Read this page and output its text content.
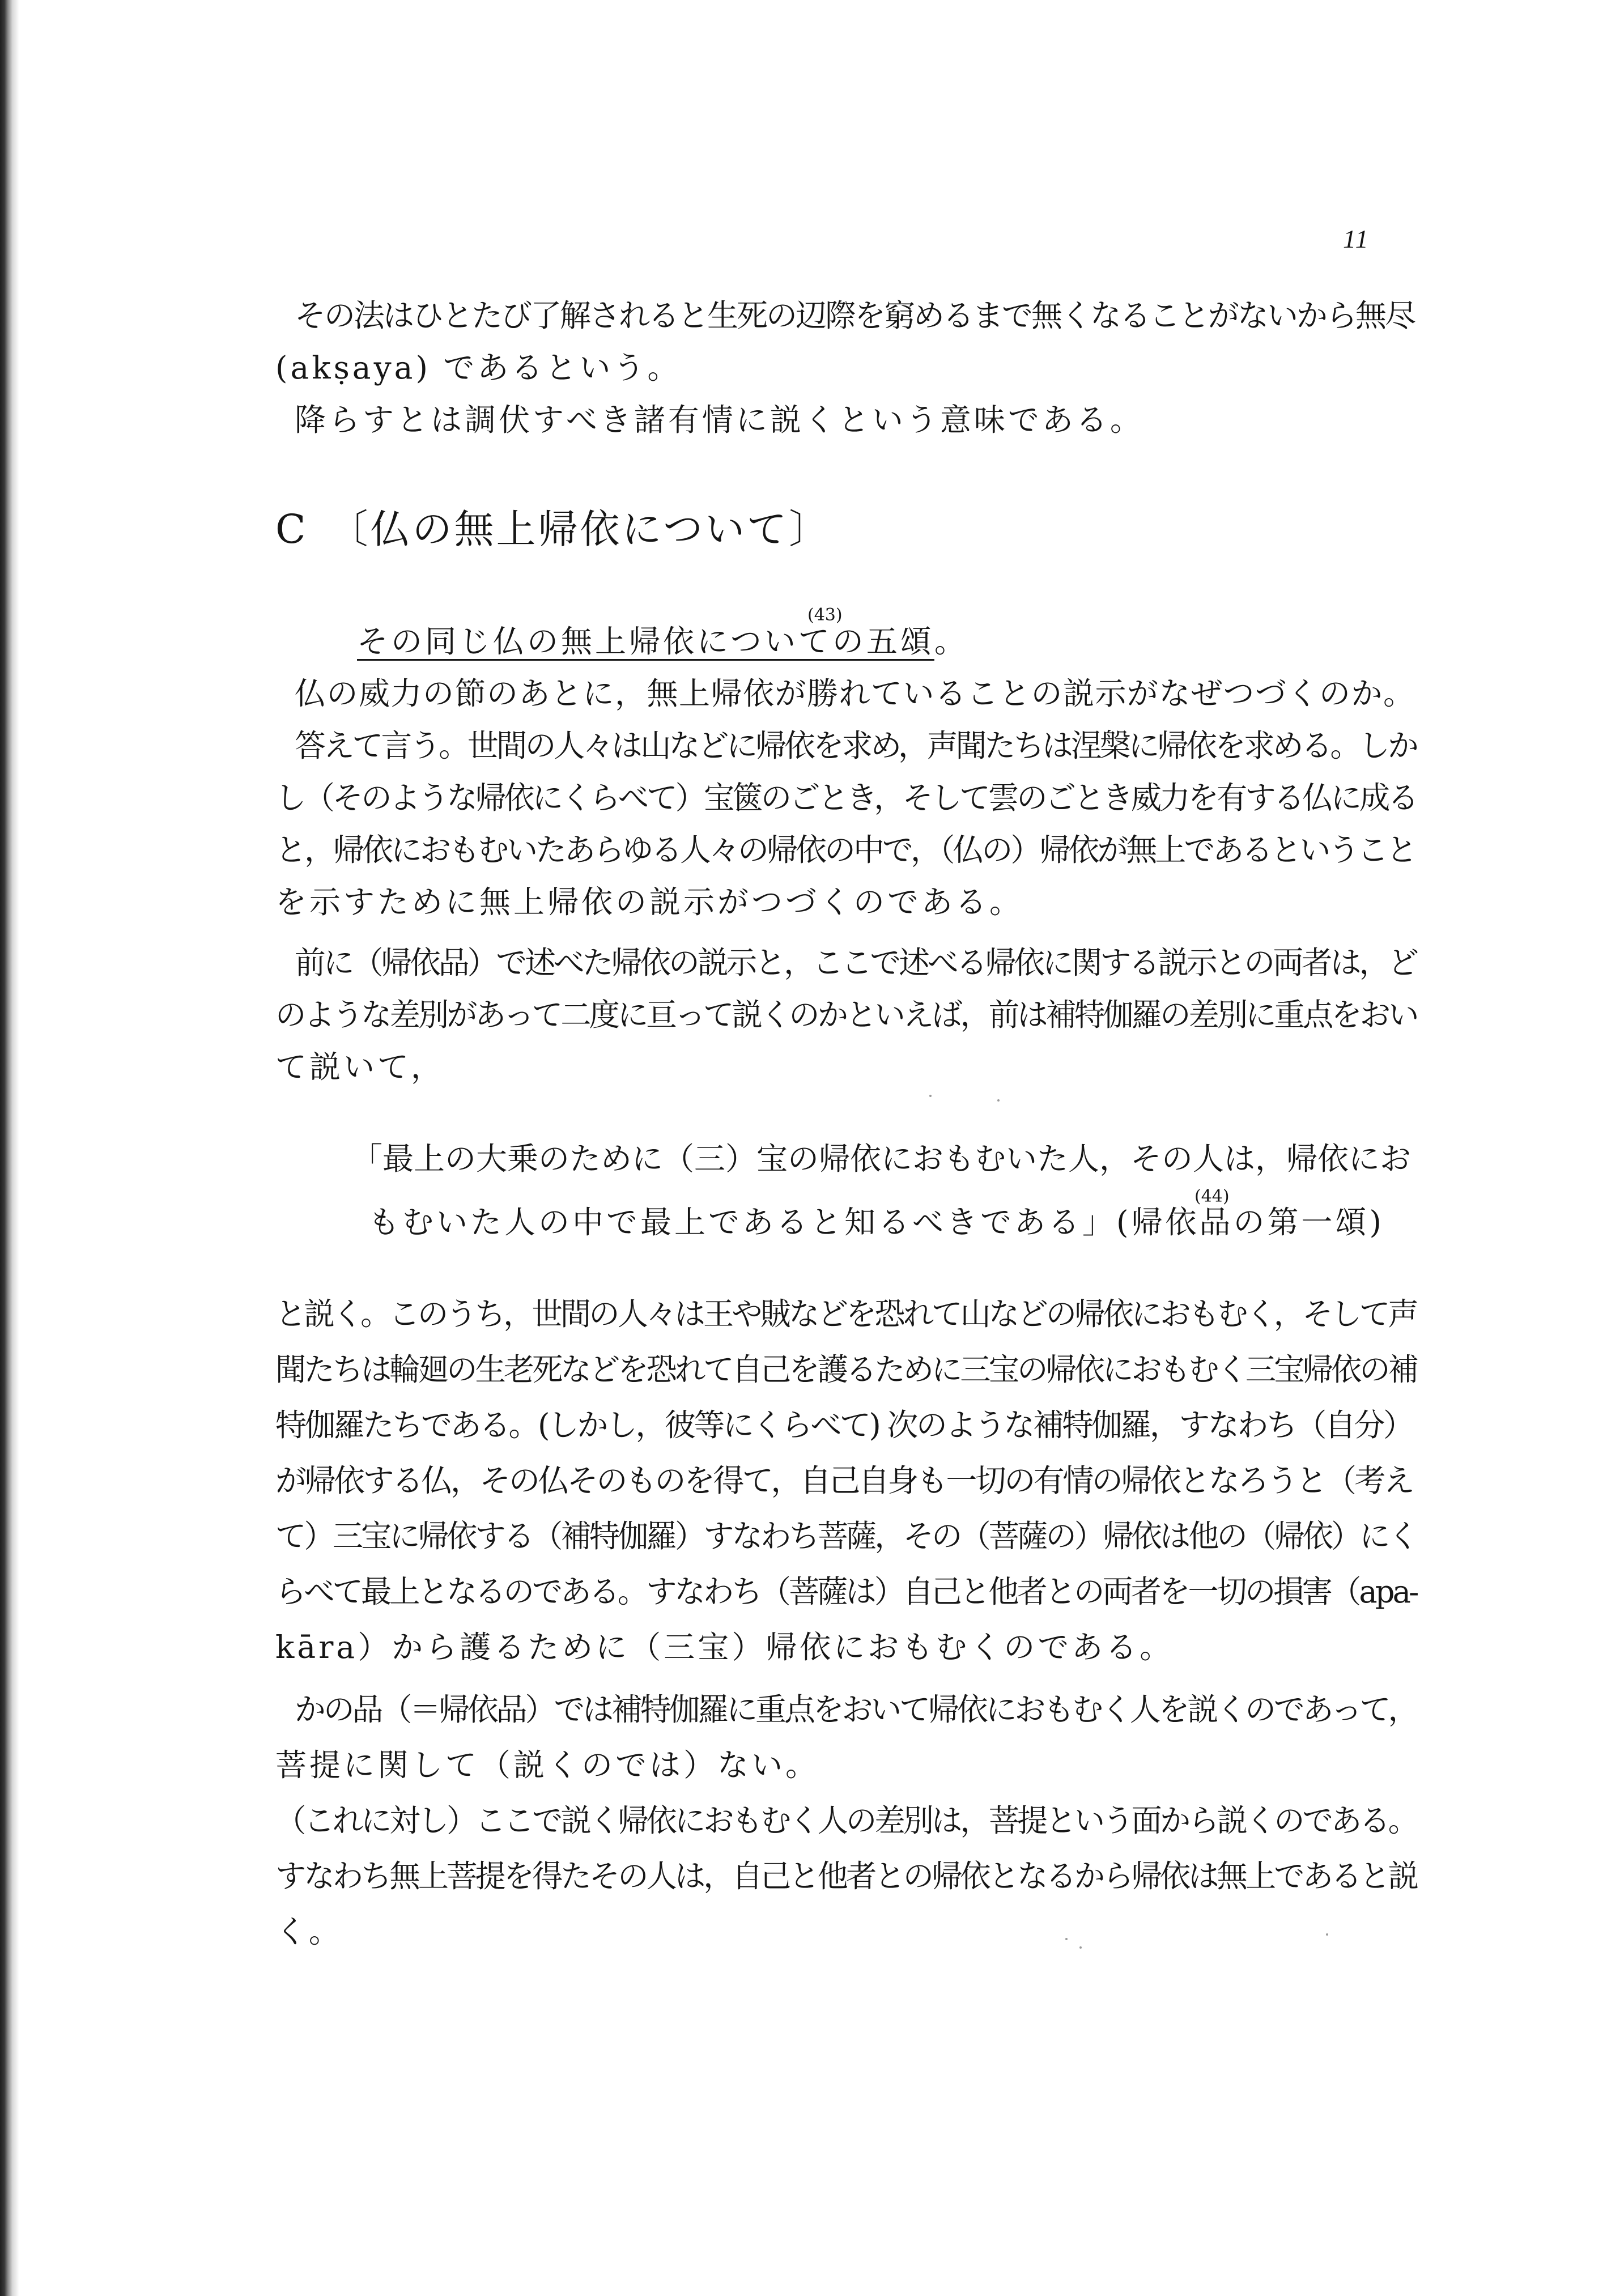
11

その法はひとたび了解されると生死の辺際を窮めるまで無くなることがないから無尽

(akṣaya) であるという。

降らすとは調伏すべき諸有情に説くという意味である。

C 〔仏の無上帰依について〕

その同じ仏の無上帰依についての五頌。

(43)

仏の威力の節のあとに，無上帰依が勝れていることの説示がなぜつづくのか。

答えて言う。世間の人々は山などに帰依を求め，声聞たちは涅槃に帰依を求める。しか

し（そのような帰依にくらべて）宝篋のごとき，そして雲のごとき威力を有する仏に成る

と，帰依におもむいたあらゆる人々の帰依の中で，（仏の）帰依が無上であるということ

を示すために無上帰依の説示がつづくのである。

前に（帰依品）で述べた帰依の説示と，ここで述べる帰依に関する説示との両者は，ど

のような差別があって二度に亘って説くのかといえば，前は補特伽羅の差別に重点をおい

て説いて，

「最上の大乗のために（三）宝の帰依におもむいた人，その人は，帰依にお

もむいた人の中で最上であると知るべきである」(帰依品の第一頌)

(44)

と説く。このうち，世間の人々は王や賊などを恐れて山などの帰依におもむく，そして声

聞たちは輪廻の生老死などを恐れて自己を護るために三宝の帰依におもむく三宝帰依の補

特伽羅たちである。(しかし，彼等にくらべて) 次のような補特伽羅，すなわち（自分）

が帰依する仏，その仏そのものを得て，自己自身も一切の有情の帰依となろうと（考え

て）三宝に帰依する（補特伽羅）すなわち菩薩，その（菩薩の）帰依は他の（帰依）にく

らべて最上となるのである。すなわち（菩薩は）自己と他者との両者を一切の損害（apa-

kāra）から護るために（三宝）帰依におもむくのである。

かの品（＝帰依品）では補特伽羅に重点をおいて帰依におもむく人を説くのであって，

菩提に関して（説くのでは）ない。

（これに対し）ここで説く帰依におもむく人の差別は，菩提という面から説くのである。

すなわち無上菩提を得たその人は，自己と他者との帰依となるから帰依は無上であると説

く。
